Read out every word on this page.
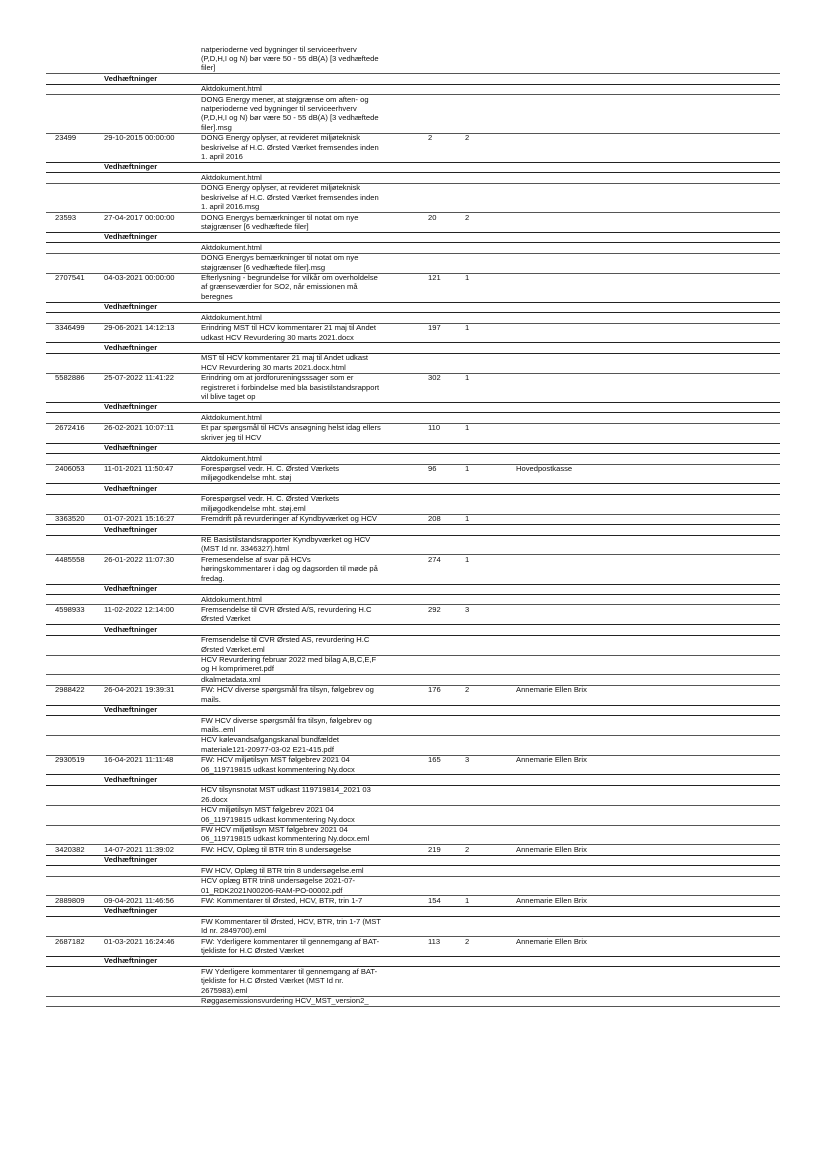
natperioderne ved bygninger til serviceerhverv
(P,D,H,I og N) bør være 50 - 55 dB(A) [3 vedhæftede
filer]
Vedhæftninger
Aktdokument.html
DONG Energy mener, at støjgrænse om aften- og
natperioderne ved bygninger til serviceerhverv
(P,D,H,I og N) bør være 50 - 55 dB(A) [3 vedhæftede
filer].msg
23499	29-10-2015 00:00:00	DONG Energy oplyser, at revideret miljøteknisk
beskrivelse af H.C. Ørsted Værket fremsendes inden
1. april 2016
2	2
Vedhæftninger
Aktdokument.html
DONG Energy oplyser, at revideret miljøteknisk
beskrivelse af H.C. Ørsted Værket fremsendes inden
1. april 2016.msg
23593	27-04-2017 00:00:00	DONG Energys bemærkninger til notat om nye
støjgrænser [6 vedhæftede filer]
20	2
Vedhæftninger
Aktdokument.html
DONG Energys bemærkninger til notat om nye
støjgrænser [6 vedhæftede filer].msg
2707541	04-03-2021 00:00:00	Efterlysning - begrundelse for vilkår om overholdelse
af grænseværdier for SO2, når emissionen må
beregnes
121	1
Vedhæftninger
Aktdokument.html
3346499	29-06-2021 14:12:13	Erindring MST til HCV kommentarer 21 maj til Andet
udkast HCV Revurdering 30 marts 2021.docx
197	1
Vedhæftninger
MST til HCV kommentarer 21 maj til Andet udkast
HCV Revurdering 30 marts 2021.docx.html
5582886	25-07-2022 11:41:22	Erindring om at jordforureningsssager som er
registreret i forbindelse med bla basistilstandsrapport
vil blive taget op
302	1
Vedhæftninger
Aktdokument.html
2672416	26-02-2021 10:07:11	Et par spørgsmål til HCVs ansøgning helst idag ellers
skriver jeg til HCV
110	1
Vedhæftninger
Aktdokument.html
2406053	11-01-2021 11:50:47	Forespørgsel vedr. H. C. Ørsted Værkets
miljøgodkendelse mht. støj
96	1	Hovedpostkasse
Vedhæftninger
Forespørgsel vedr. H. C. Ørsted Værkets
miljøgodkendelse mht. støj.eml
3363520	01-07-2021 15:16:27	Fremdrift på revurderinger af Kyndbyværket og HCV	208	1
Vedhæftninger
RE Basistilstandsrapporter Kyndbyværket og HCV
(MST Id nr. 3346327).html
4485558	26-01-2022 11:07:30	Fremesendelse af svar på HCVs
høringskommentarer i dag og dagsorden til møde på
fredag.
274	1
Vedhæftninger
Aktdokument.html
4598933	11-02-2022 12:14:00	Fremsendelse til CVR Ørsted A/S, revurdering H.C
Ørsted Værket
292	3
Vedhæftninger
Fremsendelse til CVR Ørsted AS, revurdering H.C
Ørsted Værket.eml
HCV Revurdering februar 2022 med bilag A,B,C,E,F
og H komprimeret.pdf
dkalmetadata.xml
2988422	26-04-2021 19:39:31	FW: HCV diverse spørgsmål fra tilsyn, følgebrev og
mails.
176	2	Annemarie Ellen Brix
Vedhæftninger
FW HCV diverse spørgsmål fra tilsyn, følgebrev og
mails..eml
HCV kølevandsafgangskanal bundfældet
materiale121-20977-03-02 E21-415.pdf
2930519	16-04-2021 11:11:48	FW: HCV miljøtilsyn MST følgebrev 2021 04
06_119719815 udkast kommentering Ny.docx
165	3	Annemarie Ellen Brix
Vedhæftninger
HCV tilsynsnotat MST udkast 119719814_2021 03
26.docx
HCV miljøtilsyn MST følgebrev 2021 04
06_119719815 udkast kommentering Ny.docx
FW HCV miljøtilsyn MST følgebrev 2021 04
06_119719815 udkast kommentering Ny.docx.eml
3420382	14-07-2021 11:39:02	FW: HCV, Oplæg til BTR trin 8 undersøgelse	219	2	Annemarie Ellen Brix
Vedhæftninger
FW HCV, Oplæg til BTR trin 8 undersøgelse.eml
HCV oplæg BTR trin8 undersøgelse 2021-07-
01_RDK2021N00206-RAM-PO-00002.pdf
2889809	09-04-2021 11:46:56	FW: Kommentarer til Ørsted, HCV, BTR, trin 1-7	154	1	Annemarie Ellen Brix
Vedhæftninger
FW Kommentarer til Ørsted, HCV, BTR, trin 1-7 (MST
Id nr. 2849700).eml
2687182	01-03-2021 16:24:46	FW: Yderligere kommentarer til gennemgang af BAT-
tjekliste for H.C Ørsted Værket
113	2	Annemarie Ellen Brix
Vedhæftninger
FW Yderligere kommentarer til gennemgang af BAT-
tjekliste for H.C Ørsted Værket (MST Id nr.
2675983).eml
Røggasemissionsvurdering HCV_MST_version2_
